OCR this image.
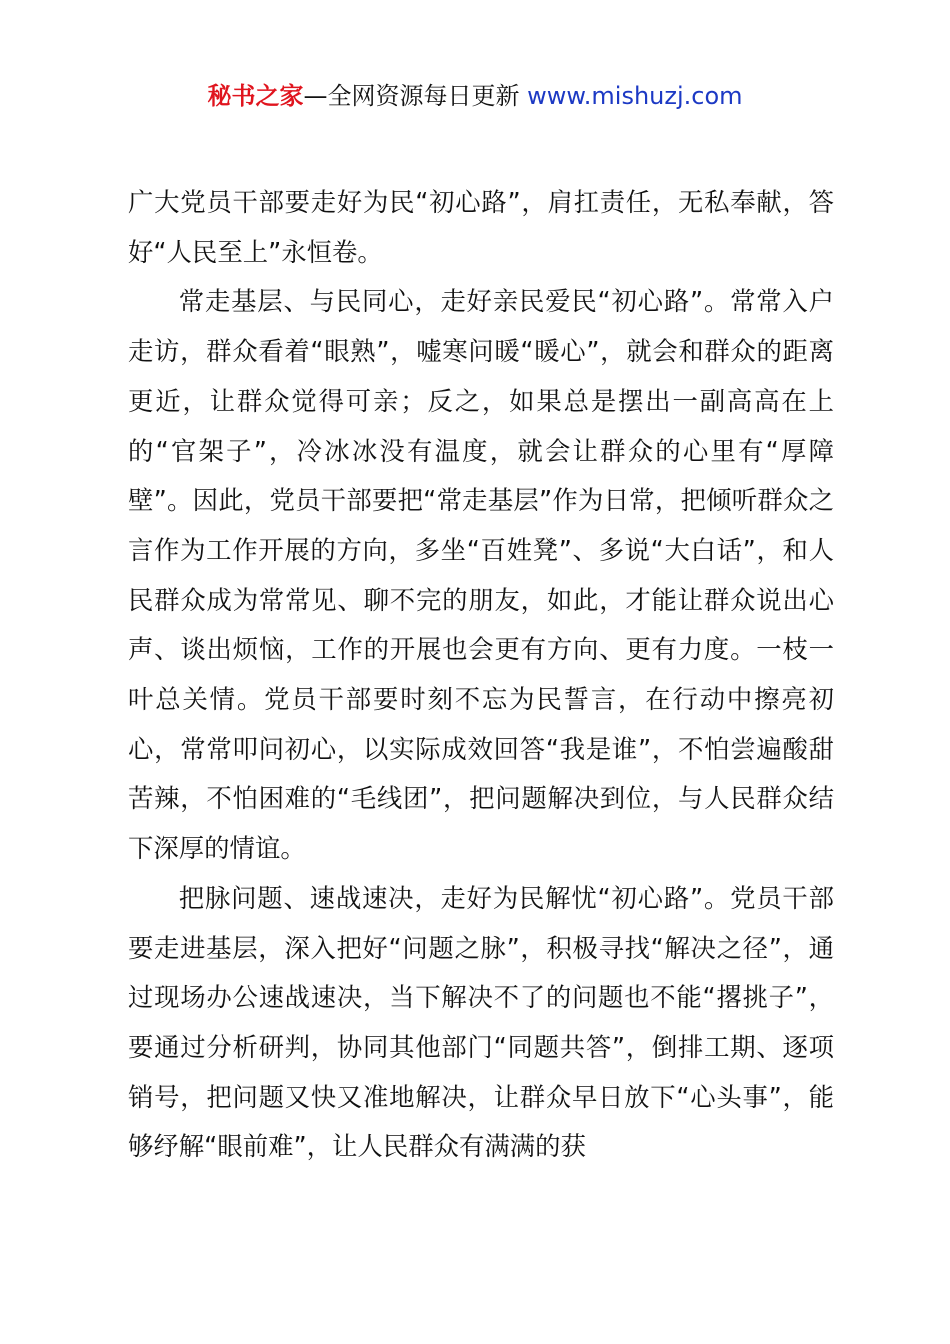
秘书之家—全网资源每日更新 www.mishuzj.com

广大党员干部要走好为民“初心路”，肩扛责任，无私奉献，答好“人民至上”永恒卷。

常走基层、与民同心，走好亲民爱民“初心路”。常常入户走访，群众看着“眼熟”，嘘寒问暖“暖心”，就会和群众的距离更近，让群众觉得可亲；反之，如果总是摆出一副高高在上的“官架子”，冷冰冰没有温度，就会让群众的心里有“厚障壁”。因此，党员干部要把“常走基层”作为日常，把倾听群众之言作为工作开展的方向，多坐“百姓凳”、多说“大白话”，和人民群众成为常常见、聊不完的朋友，如此，才能让群众说出心声、谈出烦恼，工作的开展也会更有方向、更有力度。一枝一叶总关情。党员干部要时刻不忘为民誓言，在行动中擦亮初心，常常叩问初心，以实际成效回答“我是谁”，不怕尝遍酸甜苦辣，不怕困难的“毛线团”，把问题解决到位，与人民群众结下深厚的情谊。

把脉问题、速战速决，走好为民解忧“初心路”。党员干部要走进基层，深入把好“问题之脉”，积极寻找“解决之径”，通过现场办公速战速决，当下解决不了的问题也不能“撂挑子”，要通过分析研判，协同其他部门“同题共答”，倒排工期、逐项销号，把问题又快又准地解决，让群众早日放下“心头事”，能够纾解“眼前难”，让人民群众有满满的获
